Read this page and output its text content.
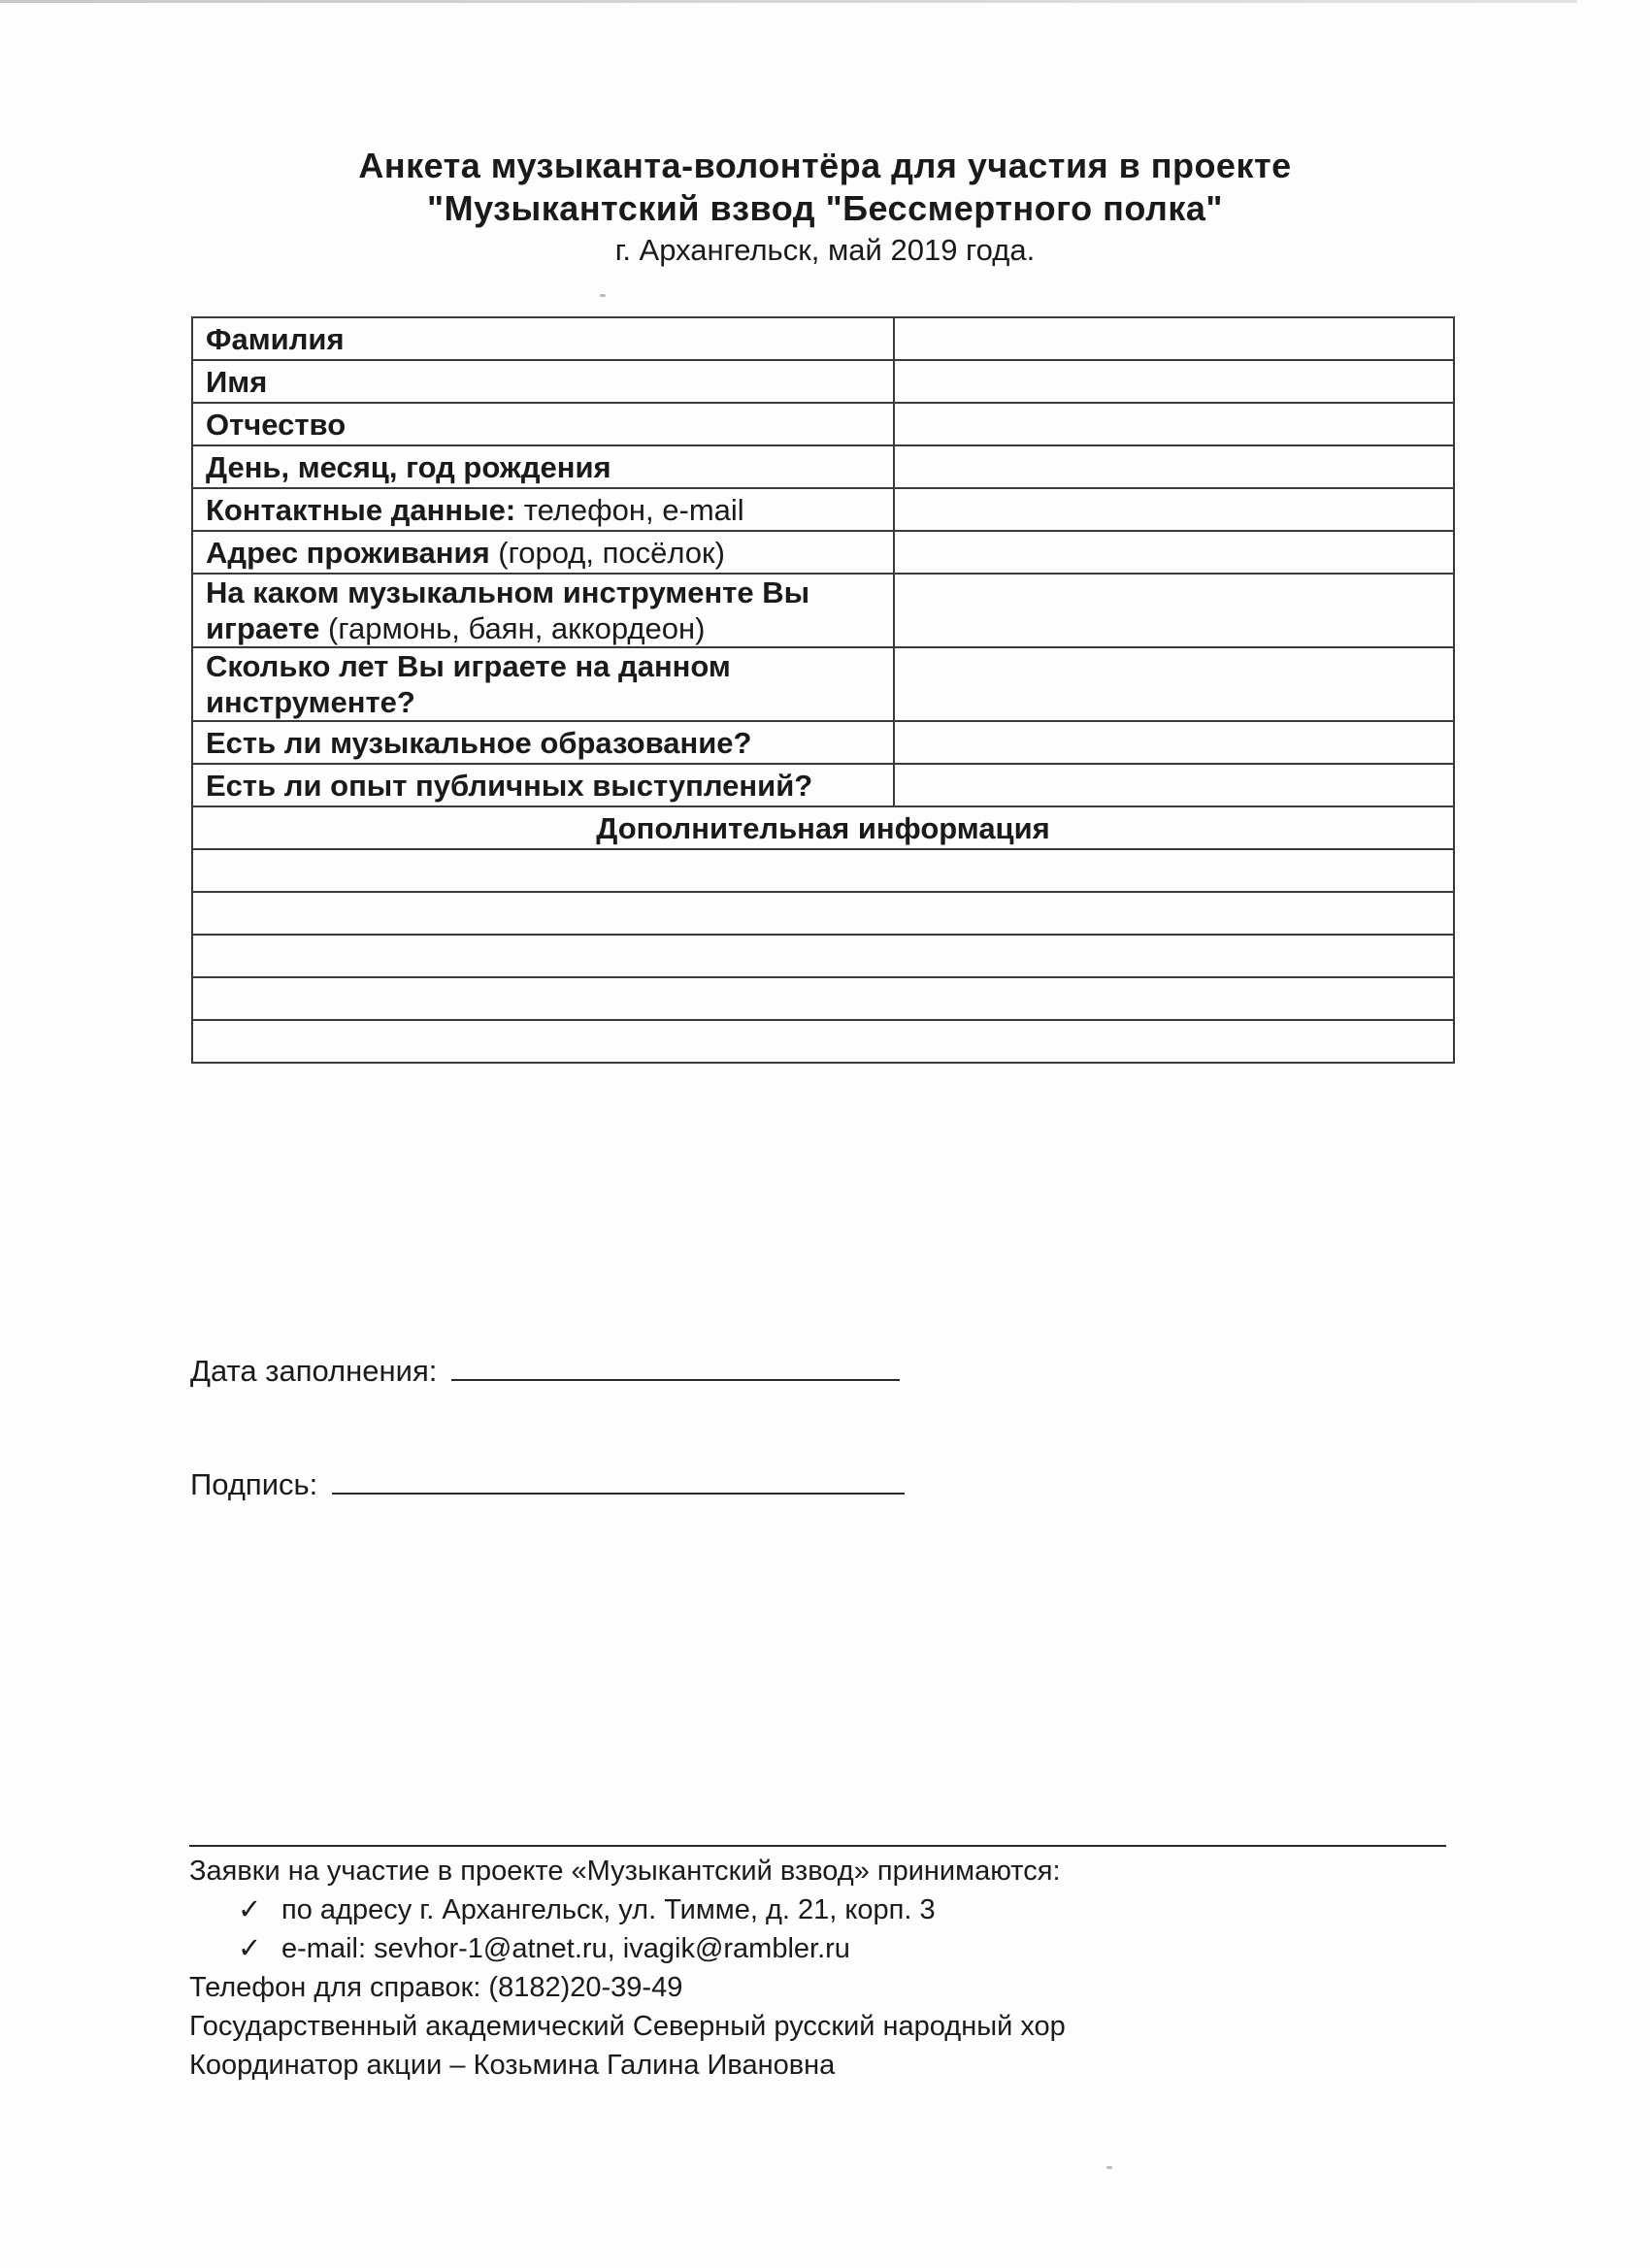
Анкета музыканта-волонтёра для участия в проекте
"Музыкантский взвод "Бессмертного полка"
г. Архангельск, май 2019 года.
Фамилия	
Имя	
Отчество	
День, месяц, год рождения	
Контактные данные: телефон, e-mail	
Адрес проживания (город, посёлок)	
На каком музыкальном инструменте Вы играете (гармонь, баян, аккордеон)	
Сколько лет Вы играете на данном инструменте?	
Есть ли музыкальное образование?	
Есть ли опыт публичных выступлений?	
Дополнительная информация	

Дата заполнения:
Подпись:
Заявки на участие в проекте «Музыкантский взвод» принимаются:
✓ по адресу г. Архангельск, ул. Тимме, д. 21, корп. 3
✓ e-mail: sevhor-1@atnet.ru, ivagik@rambler.ru
Телефон для справок: (8182)20-39-49
Государственный академический Северный русский народный хор
Координатор акции – Козьмина Галина Ивановна
